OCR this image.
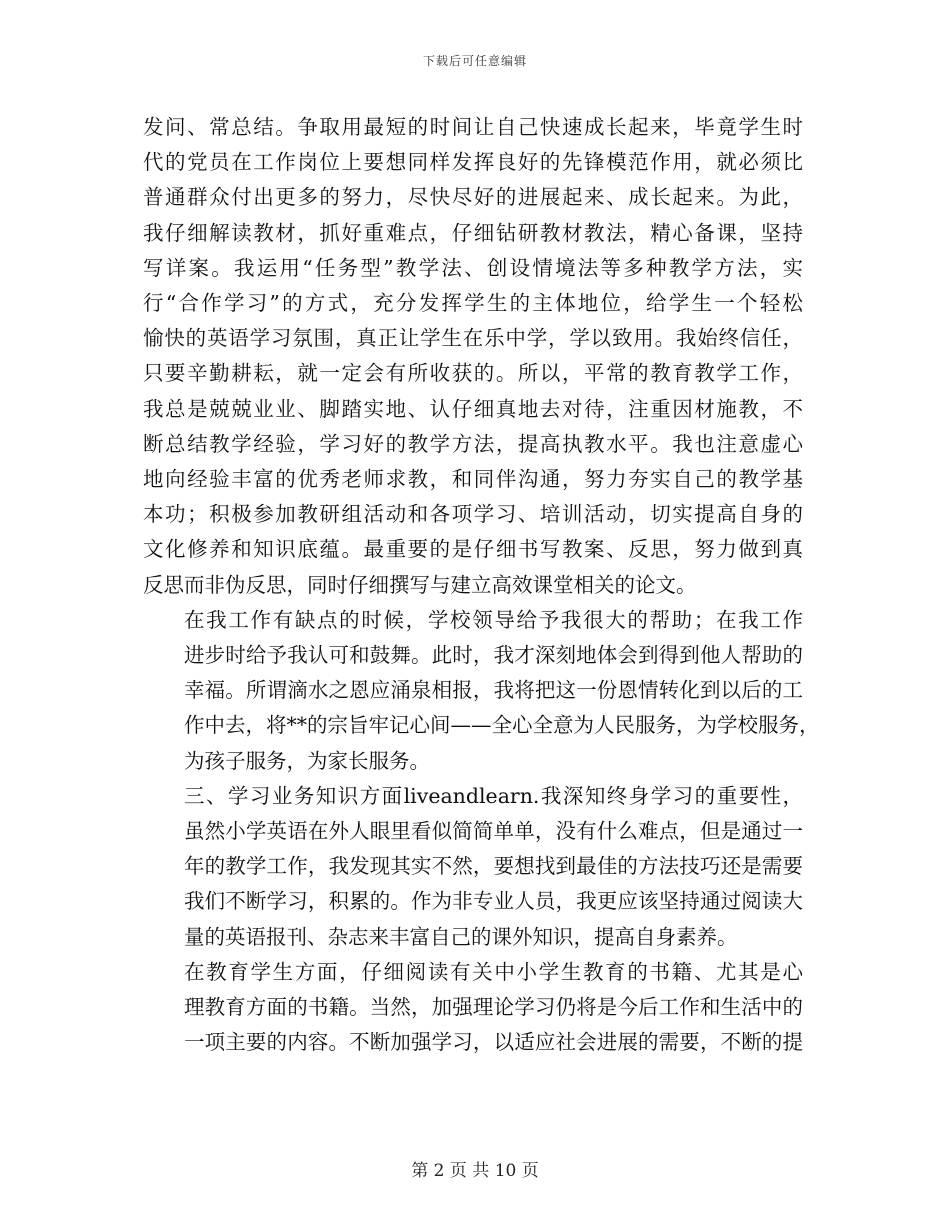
下载后可任意编辑
发问、常总结。争取用最短的时间让自己快速成长起来，毕竟学生时
代的党员在工作岗位上要想同样发挥良好的先锋模范作用，就必须比
普通群众付出更多的努力，尽快尽好的进展起来、成长起来。为此，
我仔细解读教材，抓好重难点，仔细钻研教材教法，精心备课，坚持
写详案。我运用“任务型”教学法、创设情境法等多种教学方法，实
行“合作学习”的方式，充分发挥学生的主体地位，给学生一个轻松
愉快的英语学习氛围，真正让学生在乐中学，学以致用。我始终信任，
只要辛勤耕耘，就一定会有所收获的。所以，平常的教育教学工作，
我总是兢兢业业、脚踏实地、认仔细真地去对待，注重因材施教，不
断总结教学经验，学习好的教学方法，提高执教水平。我也注意虚心
地向经验丰富的优秀老师求教，和同伴沟通，努力夯实自己的教学基
本功；积极参加教研组活动和各项学习、培训活动，切实提高自身的
文化修养和知识底蕴。最重要的是仔细书写教案、反思，努力做到真
反思而非伪反思，同时仔细撰写与建立高效课堂相关的论文。
在我工作有缺点的时候，学校领导给予我很大的帮助；在我工作
进步时给予我认可和鼓舞。此时，我才深刻地体会到得到他人帮助的
幸福。所谓滴水之恩应涌泉相报，我将把这一份恩情转化到以后的工
作中去，将**的宗旨牢记心间——全心全意为人民服务，为学校服务，
为孩子服务，为家长服务。
三、学习业务知识方面liveandlearn.我深知终身学习的重要性，
虽然小学英语在外人眼里看似简简单单，没有什么难点，但是通过一
年的教学工作，我发现其实不然，要想找到最佳的方法技巧还是需要
我们不断学习，积累的。作为非专业人员，我更应该坚持通过阅读大
量的英语报刊、杂志来丰富自己的课外知识，提高自身素养。
在教育学生方面，仔细阅读有关中小学生教育的书籍、尤其是心
理教育方面的书籍。当然，加强理论学习仍将是今后工作和生活中的
一项主要的内容。不断加强学习，以适应社会进展的需要，不断的提
第 2 页 共 10 页
